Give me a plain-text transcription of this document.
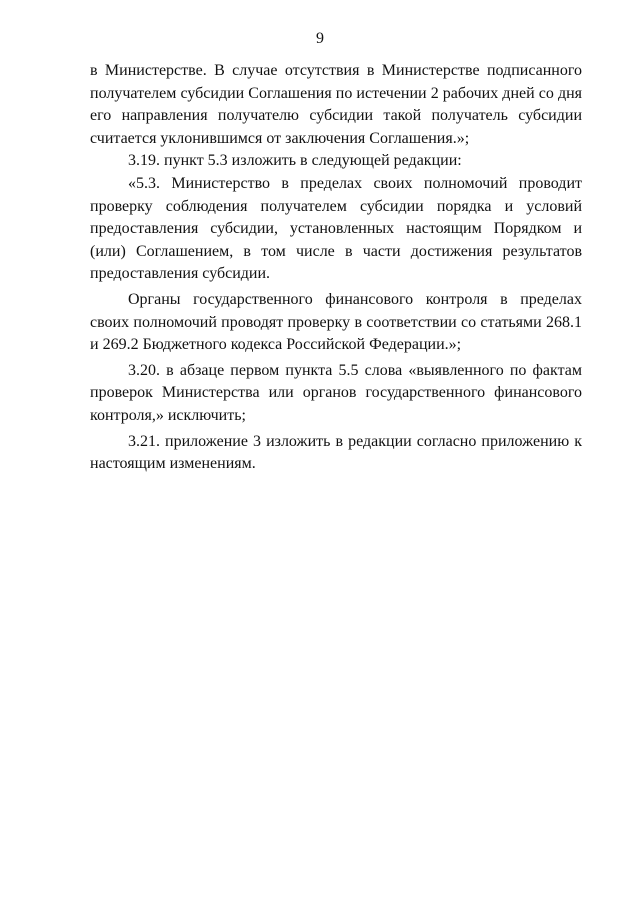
9

в Министерстве. В случае отсутствия в Министерстве подписанного получателем субсидии Соглашения по истечении 2 рабочих дней со дня его направления получателю субсидии такой получатель субсидии считается уклонившимся от заключения Соглашения.»;

3.19. пункт 5.3 изложить в следующей редакции:

«5.3. Министерство в пределах своих полномочий проводит проверку соблюдения получателем субсидии порядка и условий предоставления субсидии, установленных настоящим Порядком и (или) Соглашением, в том числе в части достижения результатов предоставления субсидии.

Органы государственного финансового контроля в пределах своих полномочий проводят проверку в соответствии со статьями 268.1 и 269.2 Бюджетного кодекса Российской Федерации.»;

3.20. в абзаце первом пункта 5.5 слова «выявленного по фактам проверок Министерства или органов государственного финансового контроля,» исключить;

3.21. приложение 3 изложить в редакции согласно приложению к настоящим изменениям.
